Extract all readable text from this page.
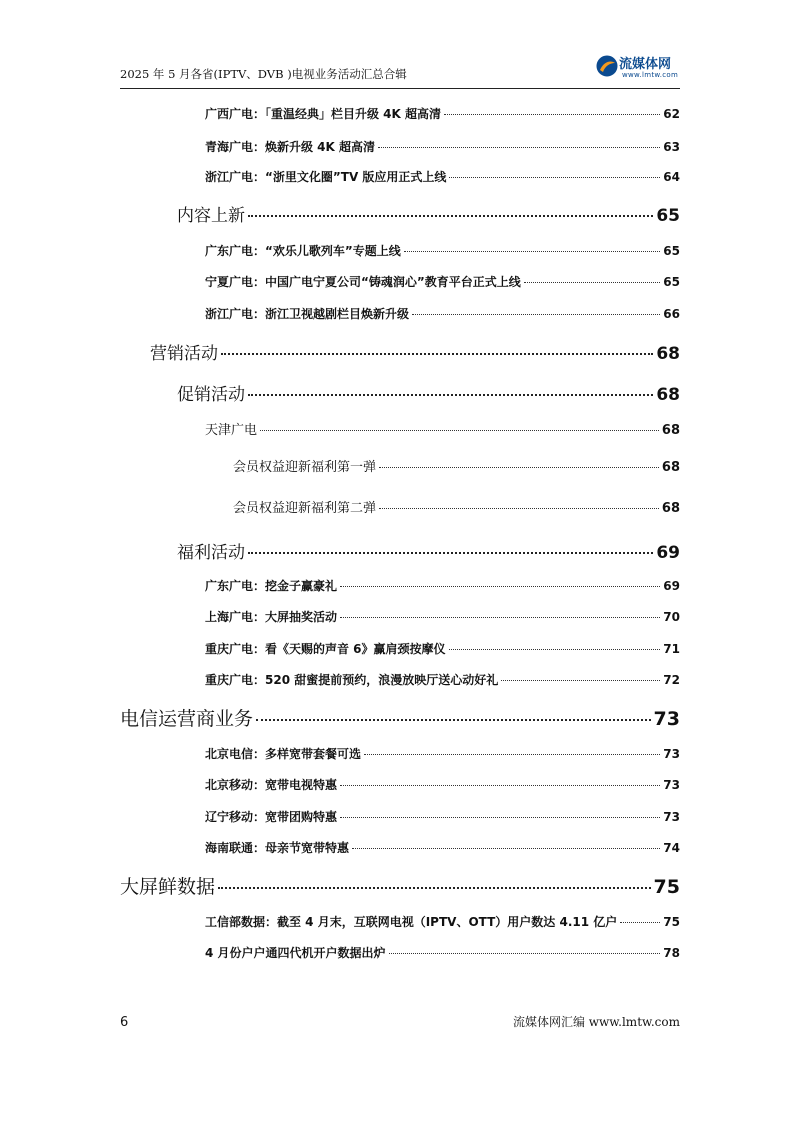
2025 年 5 月各省(IPTV、DVB )电视业务活动汇总合辑
流媒体网
www.lmtw.com
广西广电：「重温经典」栏目升级 4K 超高清	62
青海广电：焕新升级 4K 超高清	63
浙江广电：“浙里文化圈”TV 版应用正式上线	64
内容上新	65
广东广电：“欢乐儿歌列车”专题上线	65
宁夏广电：中国广电宁夏公司“铸魂润心”教育平台正式上线	65
浙江广电：浙江卫视越剧栏目焕新升级	66
营销活动	68
促销活动	68
天津广电	68
会员权益迎新福利第一弹	68
会员权益迎新福利第二弹	68
福利活动	69
广东广电：挖金子赢豪礼	69
上海广电：大屏抽奖活动	70
重庆广电：看《天赐的声音 6》赢肩颈按摩仪	71
重庆广电：520 甜蜜提前预约，浪漫放映厅送心动好礼	72
电信运营商业务	73
北京电信：多样宽带套餐可选	73
北京移动：宽带电视特惠	73
辽宁移动：宽带团购特惠	73
海南联通：母亲节宽带特惠	74
大屏鲜数据	75
工信部数据：截至 4 月末，互联网电视（IPTV、OTT）用户数达 4.11 亿户	75
4 月份户户通四代机开户数据出炉	78
6	流媒体网汇编 www.lmtw.com
